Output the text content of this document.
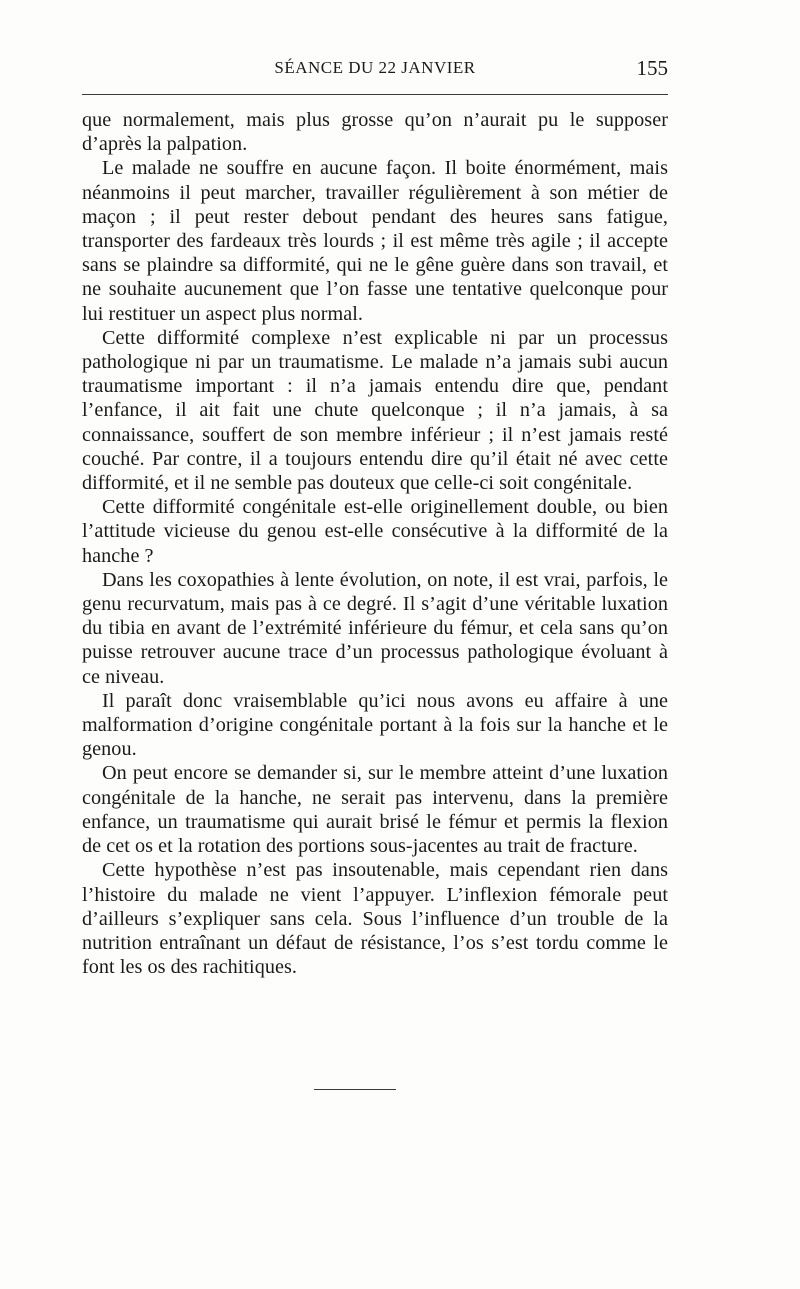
SÉANCE DU 22 JANVIER	155

que normalement, mais plus grosse qu’on n’aurait pu le supposer d’après la palpation.

Le malade ne souffre en aucune façon. Il boite énormément, mais néanmoins il peut marcher, travailler régulièrement à son métier de maçon ; il peut rester debout pendant des heures sans fatigue, transporter des fardeaux très lourds ; il est même très agile ; il accepte sans se plaindre sa difformité, qui ne le gêne guère dans son travail, et ne souhaite aucunement que l’on fasse une tentative quelconque pour lui restituer un aspect plus normal.

Cette difformité complexe n’est explicable ni par un processus pathologique ni par un traumatisme. Le malade n’a jamais subi aucun traumatisme important : il n’a jamais entendu dire que, pendant l’enfance, il ait fait une chute quelconque ; il n’a jamais, à sa connaissance, souffert de son membre inférieur ; il n’est jamais resté couché. Par contre, il a toujours entendu dire qu’il était né avec cette difformité, et il ne semble pas douteux que celle-ci soit congénitale.

Cette difformité congénitale est-elle originellement double, ou bien l’attitude vicieuse du genou est-elle consécutive à la difformité de la hanche ?

Dans les coxopathies à lente évolution, on note, il est vrai, parfois, le genu recurvatum, mais pas à ce degré. Il s’agit d’une véritable luxation du tibia en avant de l’extrémité inférieure du fémur, et cela sans qu’on puisse retrouver aucune trace d’un processus pathologique évoluant à ce niveau.

Il paraît donc vraisemblable qu’ici nous avons eu affaire à une malformation d’origine congénitale portant à la fois sur la hanche et le genou.

On peut encore se demander si, sur le membre atteint d’une luxation congénitale de la hanche, ne serait pas intervenu, dans la première enfance, un traumatisme qui aurait brisé le fémur et permis la flexion de cet os et la rotation des portions sous-jacentes au trait de fracture.

Cette hypothèse n’est pas insoutenable, mais cependant rien dans l’histoire du malade ne vient l’appuyer. L’inflexion fémorale peut d’ailleurs s’expliquer sans cela. Sous l’influence d’un trouble de la nutrition entraînant un défaut de résistance, l’os s’est tordu comme le font les os des rachitiques.
